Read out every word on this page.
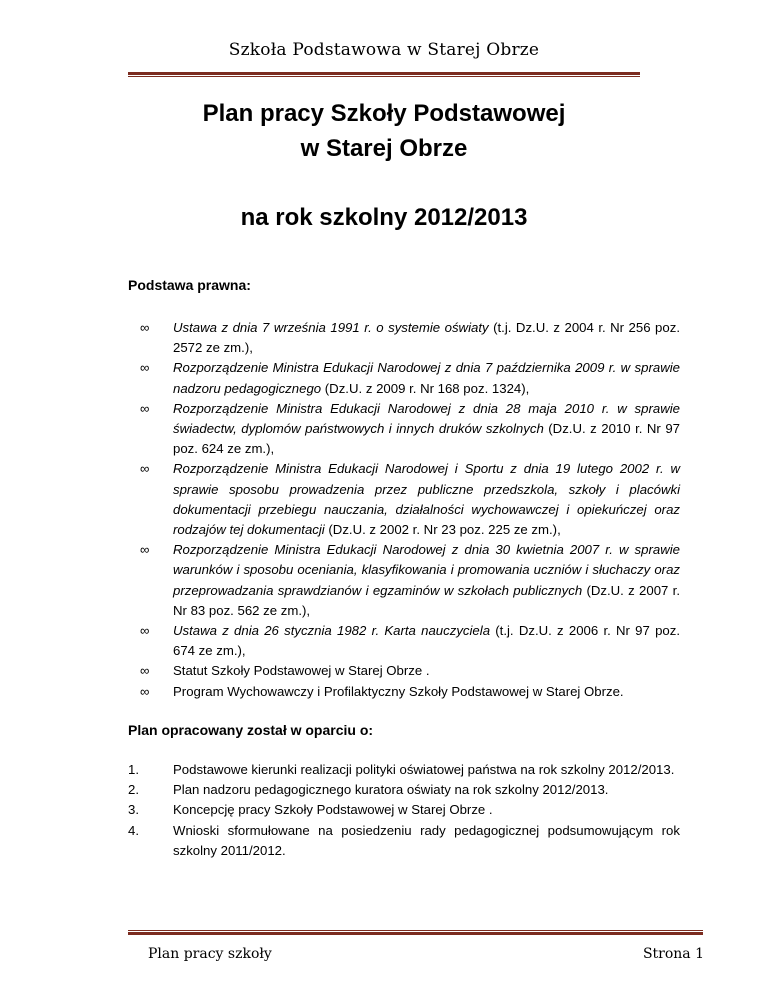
Szkoła Podstawowa w Starej Obrze
Plan pracy Szkoły Podstawowej
w Starej Obrze
na rok szkolny 2012/2013
Podstawa prawna:
∞ Ustawa z dnia 7 września 1991 r. o systemie oświaty (t.j. Dz.U. z 2004 r. Nr 256 poz. 2572 ze zm.),
∞ Rozporządzenie Ministra Edukacji Narodowej z dnia 7 października 2009 r. w sprawie nadzoru pedagogicznego (Dz.U. z 2009 r. Nr 168 poz. 1324),
∞ Rozporządzenie Ministra Edukacji Narodowej z dnia 28 maja 2010 r. w sprawie świadectw, dyplomów państwowych i innych druków szkolnych (Dz.U. z 2010 r. Nr 97 poz. 624 ze zm.),
∞ Rozporządzenie Ministra Edukacji Narodowej i Sportu z dnia 19 lutego 2002 r. w sprawie sposobu prowadzenia przez publiczne przedszkola, szkoły i placówki dokumentacji przebiegu nauczania, działalności wychowawczej i opiekuńczej oraz rodzajów tej dokumentacji (Dz.U. z 2002 r. Nr 23 poz. 225 ze zm.),
∞ Rozporządzenie Ministra Edukacji Narodowej z dnia 30 kwietnia 2007 r. w sprawie warunków i sposobu oceniania, klasyfikowania i promowania uczniów i słuchaczy oraz przeprowadzania sprawdzianów i egzaminów w szkołach publicznych (Dz.U. z 2007 r. Nr 83 poz. 562 ze zm.),
∞ Ustawa z dnia 26 stycznia 1982 r. Karta nauczyciela (t.j. Dz.U. z 2006 r. Nr 97 poz. 674 ze zm.),
∞ Statut Szkoły Podstawowej w Starej Obrze .
∞ Program Wychowawczy i Profilaktyczny Szkoły Podstawowej w Starej Obrze.
Plan opracowany został w oparciu o:
1.	Podstawowe kierunki realizacji polityki oświatowej państwa na rok szkolny 2012/2013.
2.	Plan nadzoru pedagogicznego kuratora oświaty na rok szkolny 2012/2013.
3.	Koncepcję pracy Szkoły Podstawowej w Starej Obrze .
4.	Wnioski sformułowane na posiedzeniu rady pedagogicznej podsumowującym rok szkolny 2011/2012.
Plan pracy szkoły	Strona 1
